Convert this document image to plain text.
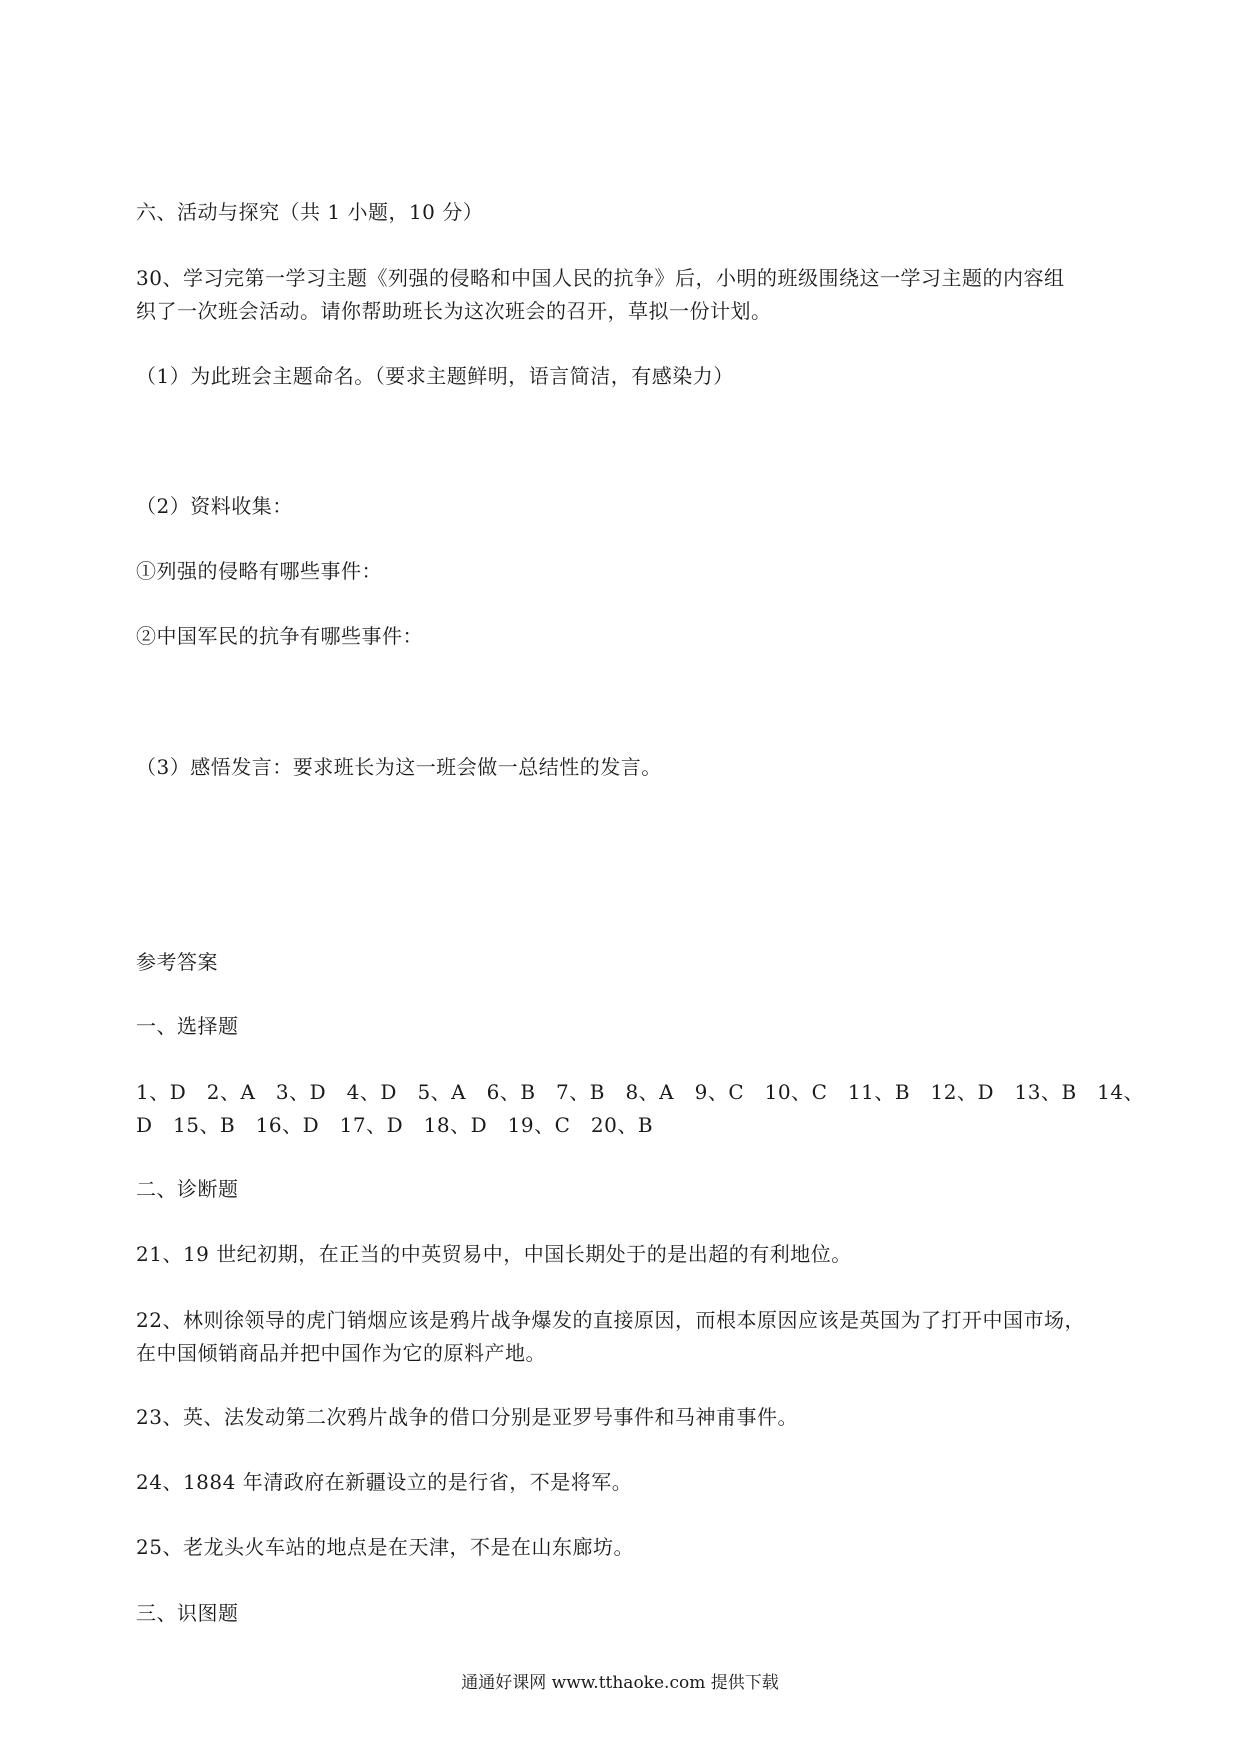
六、活动与探究（共 1 小题，10 分）
30、学习完第一学习主题《列强的侵略和中国人民的抗争》后，小明的班级围绕这一学习主题的内容组
织了一次班会活动。请你帮助班长为这次班会的召开，草拟一份计划。
（1）为此班会主题命名。（要求主题鲜明，语言简洁，有感染力）
（2）资料收集：
①列强的侵略有哪些事件：
②中国军民的抗争有哪些事件：
（3）感悟发言：要求班长为这一班会做一总结性的发言。
参考答案
一、选择题
1、D　2、A　3、D　4、D　5、A　6、B　7、B　8、A　9、C　10、C　11、B　12、D　13、B　14、
D　15、B　16、D　17、D　18、D　19、C　20、B
二、诊断题
21、19 世纪初期，在正当的中英贸易中，中国长期处于的是出超的有利地位。
22、林则徐领导的虎门销烟应该是鸦片战争爆发的直接原因，而根本原因应该是英国为了打开中国市场，
在中国倾销商品并把中国作为它的原料产地。
23、英、法发动第二次鸦片战争的借口分别是亚罗号事件和马神甫事件。
24、1884 年清政府在新疆设立的是行省，不是将军。
25、老龙头火车站的地点是在天津，不是在山东廊坊。
三、识图题
通通好课网 www.tthaoke.com 提供下载
